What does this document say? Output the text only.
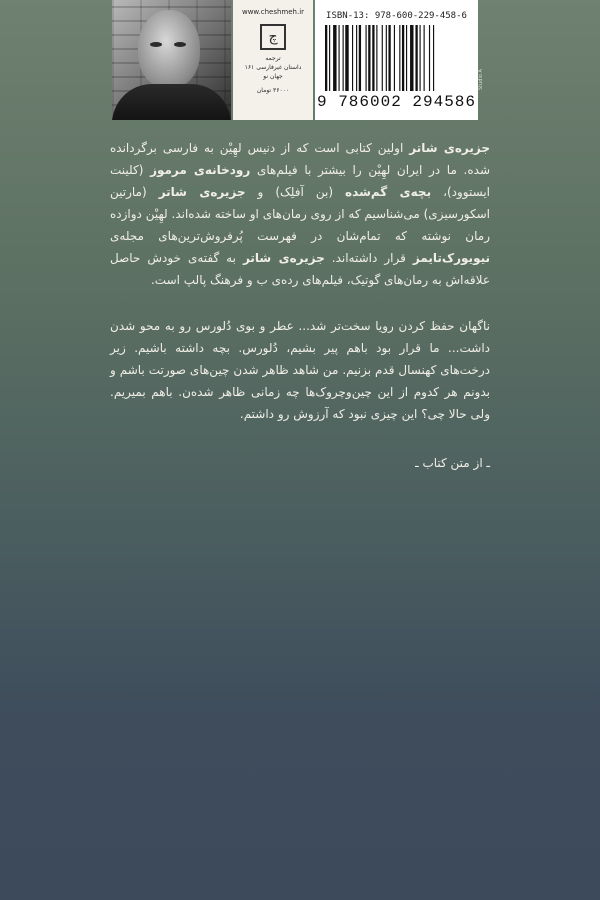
www.cheshmeh.ir
چ
ترجمه
داستان غیرفارسی ۱۶۱
جهان نو
۳۶۰۰۰ تومان
ISBN-13: 978-600-229-458-6
9 786002 294586
Studio A
جزیره‌ی شاتر اولین کتابی است که از دنیس لهِیْن به فارسی برگردانده شده. ما در ایران لهِیْن را بیشتر با فیلم‌های رودخانه‌ی مرموز (کلینت ایستوود)، بچه‌ی گم‌شده (بن آفلِک) و جزیره‌ی شاتر (مارتین اسکورسیزی) می‌شناسیم که از روی رمان‌های او ساخته شده‌اند. لهِیْن دوازده رمان نوشته که تمام‌شان در فهرست پُرفروش‌ترین‌های مجله‌ی نیویورک‌تایمز قرار داشته‌اند. جزیره‌ی شاتر به گفته‌ی خودش حاصل علاقه‌اش به رمان‌های گوتیک، فیلم‌های رده‌ی ب و فرهنگ پالپ است.
ناگهان حفظ کردن رویا سخت‌تر شد... عطر و بوی دُلورس رو به محو شدن داشت... ما قرار بود باهم پیر بشیم، دُلورس. بچه داشته باشیم. زیر درخت‌های کهنسال قدم بزنیم. من شاهد ظاهر شدن چین‌های صورتت باشم و بدونم هر کدوم از این چین‌وچروک‌ها چه زمانی ظاهر شده‌ن. باهم بمیریم. ولی حالا چی؟ این چیزی نبود که آرزوش رو داشتم.
ـ از متن کتاب ـ
